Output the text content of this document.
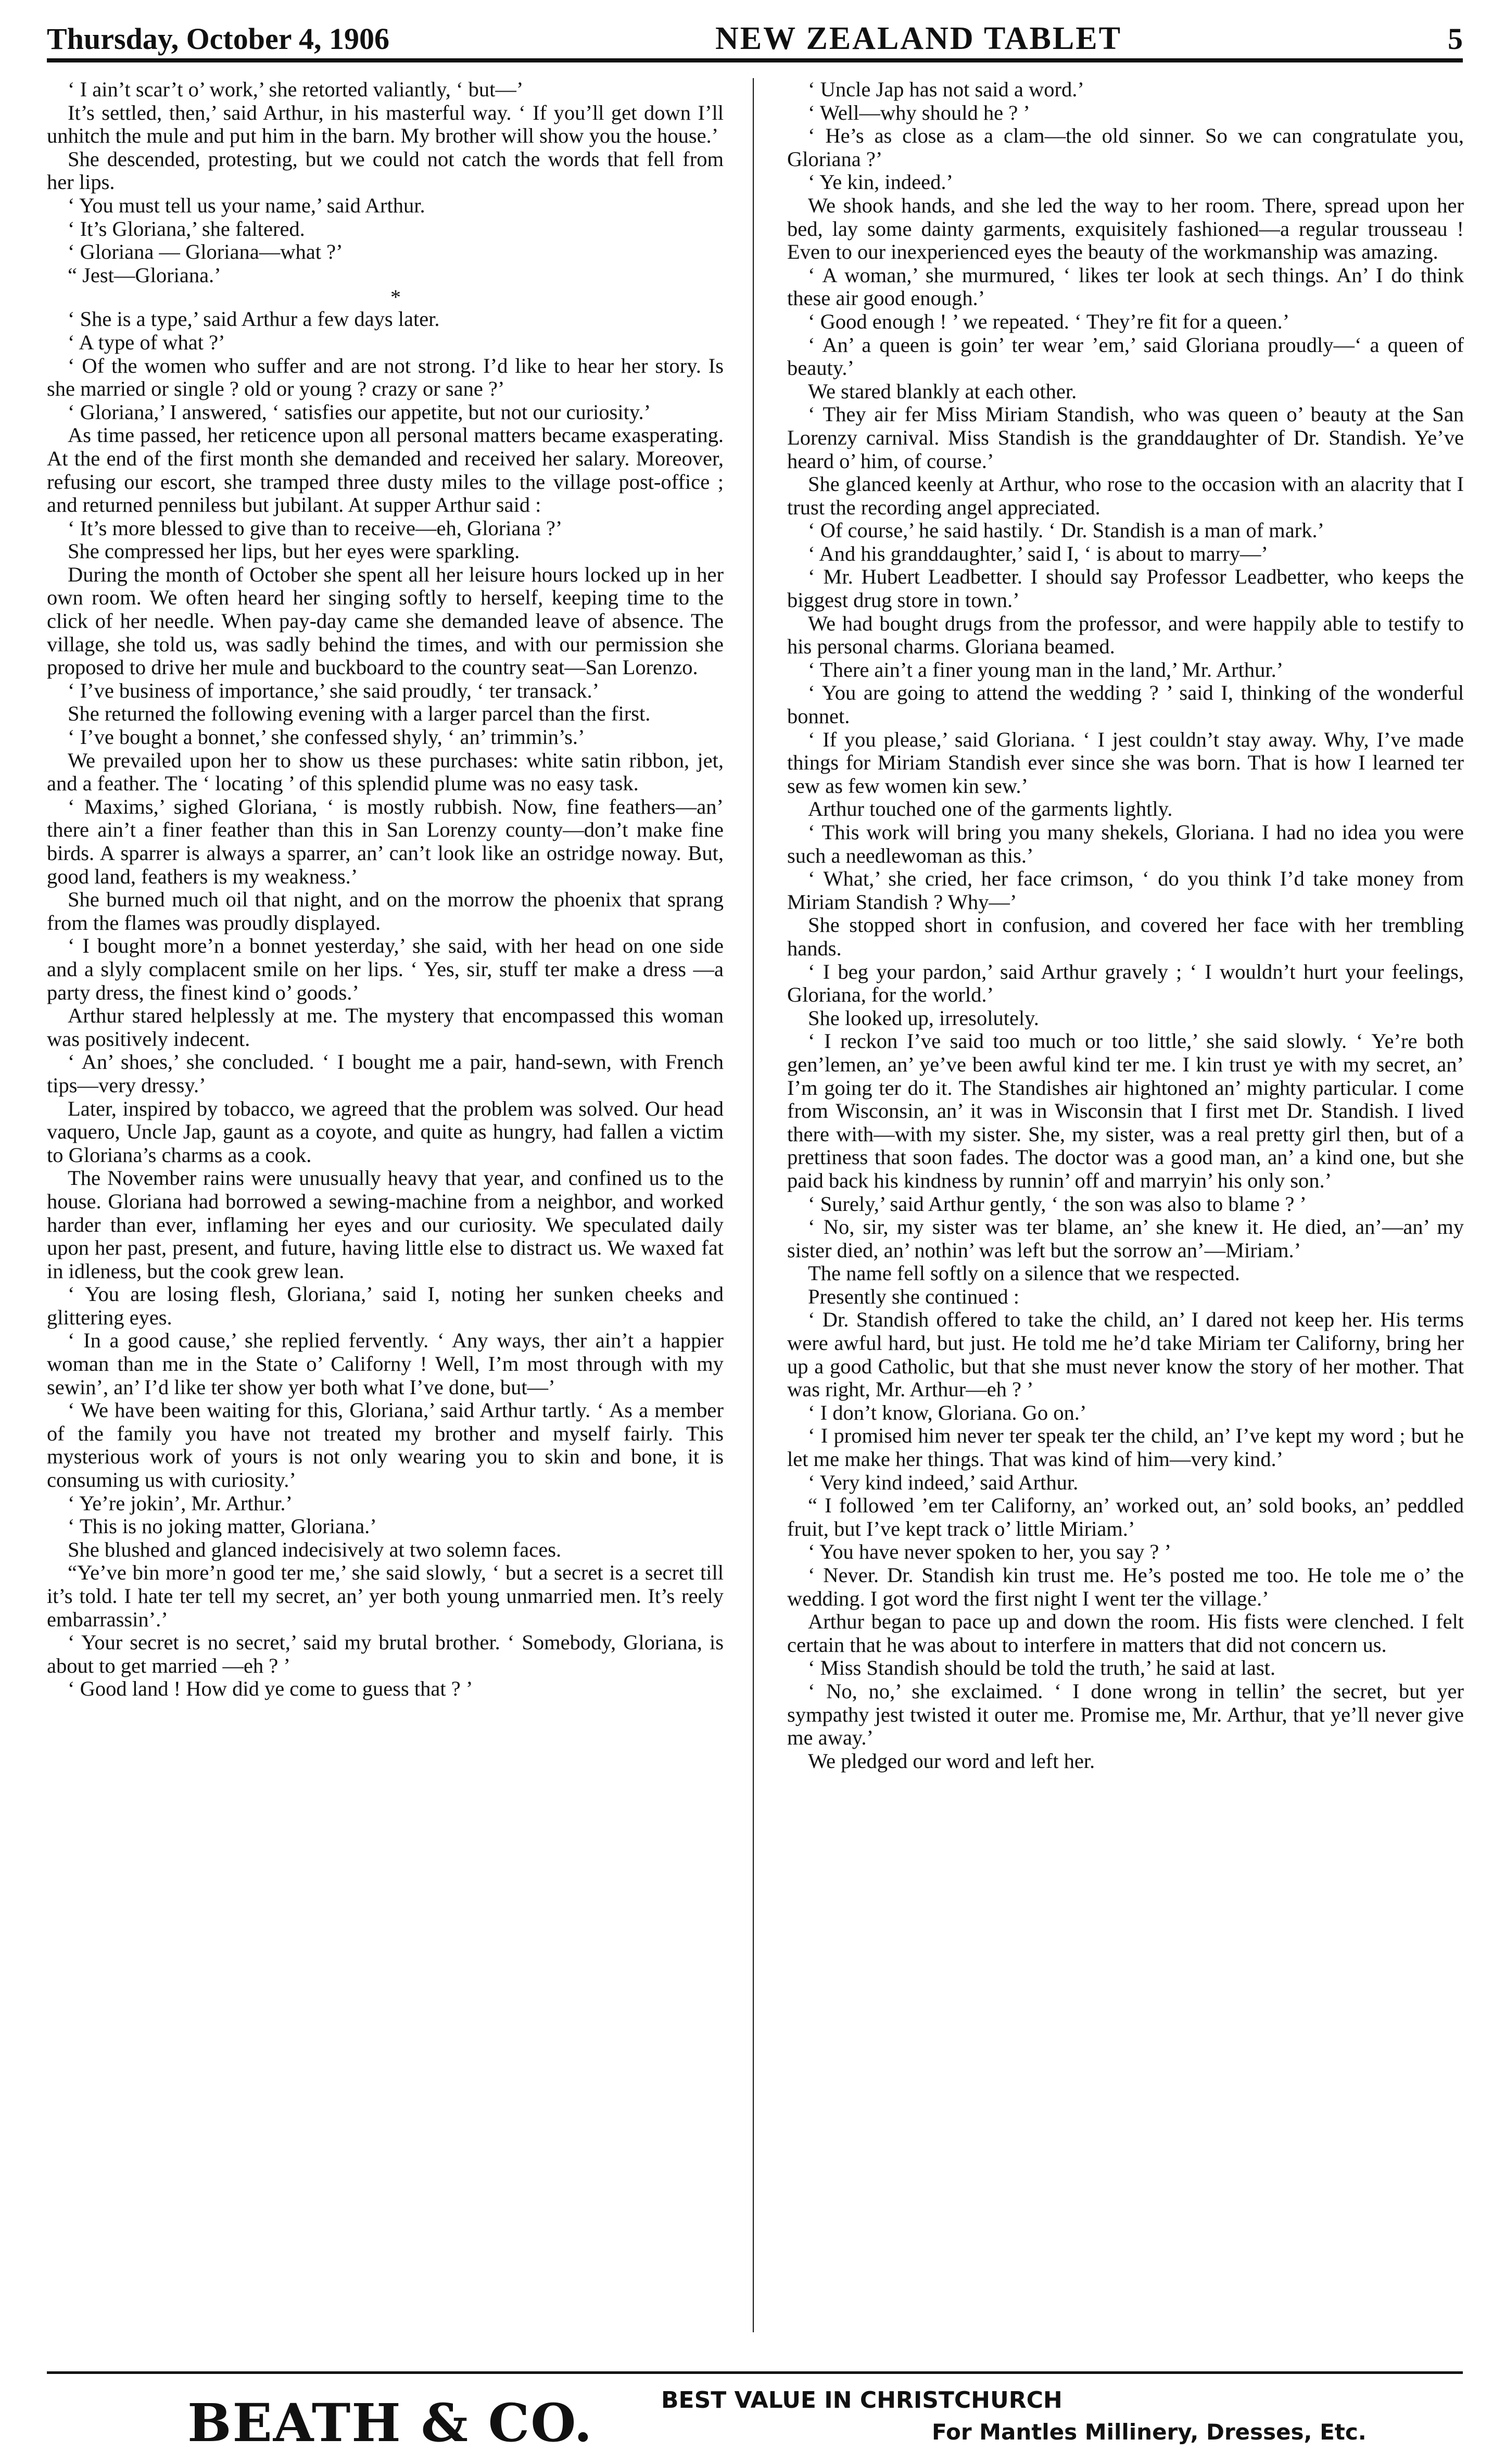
Thursday, October 4, 1906	NEW ZEALAND TABLET	5

‘ I ain’t scar’t o’ work,’ she retorted valiantly, ‘ but—’

It’s settled, then,’ said Arthur, in his masterful way. ‘ If you’ll get down I’ll unhitch the mule and put him in the barn. My brother will show you the house.’

She descended, protesting, but we could not catch the words that fell from her lips.

‘ You must tell us your name,’ said Arthur.

‘ It’s Gloriana,’ she faltered.

‘ Gloriana — Gloriana—what ?’

“ Jest—Gloriana.’

*

‘ She is a type,’ said Arthur a few days later.

‘ A type of what ?’

‘ Of the women who suffer and are not strong. I’d like to hear her story. Is she married or single ? old or young ? crazy or sane ?’

‘ Gloriana,’ I answered, ‘ satisfies our appetite, but not our curiosity.’

As time passed, her reticence upon all personal matters became exasperating. At the end of the first month she demanded and received her salary. Moreover, refusing our escort, she tramped three dusty miles to the village post-office ; and returned penniless but jubilant. At supper Arthur said :

‘ It’s more blessed to give than to receive—eh, Gloriana ?’

She compressed her lips, but her eyes were sparkling.

During the month of October she spent all her leisure hours locked up in her own room. We often heard her singing softly to herself, keeping time to the click of her needle. When pay-day came she demanded leave of absence. The village, she told us, was sadly behind the times, and with our permission she proposed to drive her mule and buckboard to the country seat—San Lorenzo.

‘ I’ve business of importance,’ she said proudly, ‘ ter transack.’

She returned the following evening with a larger parcel than the first.

‘ I’ve bought a bonnet,’ she confessed shyly, ‘ an’ trimmin’s.’

We prevailed upon her to show us these purchases: white satin ribbon, jet, and a feather. The ‘ locating ’ of this splendid plume was no easy task.

‘ Maxims,’ sighed Gloriana, ‘ is mostly rubbish. Now, fine feathers—an’ there ain’t a finer feather than this in San Lorenzy county—don’t make fine birds. A sparrer is always a sparrer, an’ can’t look like an ostridge noway. But, good land, feathers is my weakness.’

She burned much oil that night, and on the morrow the phoenix that sprang from the flames was proudly displayed.

‘ I bought more’n a bonnet yesterday,’ she said, with her head on one side and a slyly complacent smile on her lips. ‘ Yes, sir, stuff ter make a dress —a party dress, the finest kind o’ goods.’

Arthur stared helplessly at me. The mystery that encompassed this woman was positively indecent.

‘ An’ shoes,’ she concluded. ‘ I bought me a pair, hand-sewn, with French tips—very dressy.’

Later, inspired by tobacco, we agreed that the problem was solved. Our head vaquero, Uncle Jap, gaunt as a coyote, and quite as hungry, had fallen a victim to Gloriana’s charms as a cook.

The November rains were unusually heavy that year, and confined us to the house. Gloriana had borrowed a sewing-machine from a neighbor, and worked harder than ever, inflaming her eyes and our curiosity. We speculated daily upon her past, present, and future, having little else to distract us. We waxed fat in idleness, but the cook grew lean.

‘ You are losing flesh, Gloriana,’ said I, noting her sunken cheeks and glittering eyes.

‘ In a good cause,’ she replied fervently. ‘ Any ways, ther ain’t a happier woman than me in the State o’ Californy ! Well, I’m most through with my sewin’, an’ I’d like ter show yer both what I’ve done, but—’

‘ We have been waiting for this, Gloriana,’ said Arthur tartly. ‘ As a member of the family you have not treated my brother and myself fairly. This mysterious work of yours is not only wearing you to skin and bone, it is consuming us with curiosity.’

‘ Ye’re jokin’, Mr. Arthur.’

‘ This is no joking matter, Gloriana.’

She blushed and glanced indecisively at two solemn faces.

“Ye’ve bin more’n good ter me,’ she said slowly, ‘ but a secret is a secret till it’s told. I hate ter tell my secret, an’ yer both young unmarried men. It’s reely embarrassin’.’

‘ Your secret is no secret,’ said my brutal brother. ‘ Somebody, Gloriana, is about to get married —eh ? ’

‘ Good land ! How did ye come to guess that ? ’

‘ Uncle Jap has not said a word.’

‘ Well—why should he ? ’

‘ He’s as close as a clam—the old sinner. So we can congratulate you, Gloriana ?’

‘ Ye kin, indeed.’

We shook hands, and she led the way to her room. There, spread upon her bed, lay some dainty garments, exquisitely fashioned—a regular trousseau ! Even to our inexperienced eyes the beauty of the workmanship was amazing.

‘ A woman,’ she murmured, ‘ likes ter look at sech things. An’ I do think these air good enough.’

‘ Good enough ! ’ we repeated. ‘ They’re fit for a queen.’

‘ An’ a queen is goin’ ter wear ’em,’ said Gloriana proudly—‘ a queen of beauty.’

We stared blankly at each other.

‘ They air fer Miss Miriam Standish, who was queen o’ beauty at the San Lorenzy carnival. Miss Standish is the granddaughter of Dr. Standish. Ye’ve heard o’ him, of course.’

She glanced keenly at Arthur, who rose to the occasion with an alacrity that I trust the recording angel appreciated.

‘ Of course,’ he said hastily. ‘ Dr. Standish is a man of mark.’

‘ And his granddaughter,’ said I, ‘ is about to marry—’

‘ Mr. Hubert Leadbetter. I should say Professor Leadbetter, who keeps the biggest drug store in town.’

We had bought drugs from the professor, and were happily able to testify to his personal charms. Gloriana beamed.

‘ There ain’t a finer young man in the land,’ Mr. Arthur.’

‘ You are going to attend the wedding ? ’ said I, thinking of the wonderful bonnet.

‘ If you please,’ said Gloriana. ‘ I jest couldn’t stay away. Why, I’ve made things for Miriam Standish ever since she was born. That is how I learned ter sew as few women kin sew.’

Arthur touched one of the garments lightly.

‘ This work will bring you many shekels, Gloriana. I had no idea you were such a needlewoman as this.’

‘ What,’ she cried, her face crimson, ‘ do you think I’d take money from Miriam Standish ? Why—’

She stopped short in confusion, and covered her face with her trembling hands.

‘ I beg your pardon,’ said Arthur gravely ; ‘ I wouldn’t hurt your feelings, Gloriana, for the world.’

She looked up, irresolutely.

‘ I reckon I’ve said too much or too little,’ she said slowly. ‘ Ye’re both gen’lemen, an’ ye’ve been awful kind ter me. I kin trust ye with my secret, an’ I’m going ter do it. The Standishes air hightoned an’ mighty particular. I come from Wisconsin, an’ it was in Wisconsin that I first met Dr. Standish. I lived there with—with my sister. She, my sister, was a real pretty girl then, but of a prettiness that soon fades. The doctor was a good man, an’ a kind one, but she paid back his kindness by runnin’ off and marryin’ his only son.’

‘ Surely,’ said Arthur gently, ‘ the son was also to blame ? ’

‘ No, sir, my sister was ter blame, an’ she knew it. He died, an’—an’ my sister died, an’ nothin’ was left but the sorrow an’—Miriam.’

The name fell softly on a silence that we respected.

Presently she continued :

‘ Dr. Standish offered to take the child, an’ I dared not keep her. His terms were awful hard, but just. He told me he’d take Miriam ter Californy, bring her up a good Catholic, but that she must never know the story of her mother. That was right, Mr. Arthur—eh ? ’

‘ I don’t know, Gloriana. Go on.’

‘ I promised him never ter speak ter the child, an’ I’ve kept my word ; but he let me make her things. That was kind of him—very kind.’

‘ Very kind indeed,’ said Arthur.

“ I followed ’em ter Californy, an’ worked out, an’ sold books, an’ peddled fruit, but I’ve kept track o’ little Miriam.’

‘ You have never spoken to her, you say ? ’

‘ Never. Dr. Standish kin trust me. He’s posted me too. He tole me o’ the wedding. I got word the first night I went ter the village.’

Arthur began to pace up and down the room. His fists were clenched. I felt certain that he was about to interfere in matters that did not concern us.

‘ Miss Standish should be told the truth,’ he said at last.

‘ No, no,’ she exclaimed. ‘ I done wrong in tellin’ the secret, but yer sympathy jest twisted it outer me. Promise me, Mr. Arthur, that ye’ll never give me away.’

We pledged our word and left her.

BEATH & CO.	BEST VALUE IN CHRISTCHURCH
For Mantles Millinery, Dresses, Etc.
